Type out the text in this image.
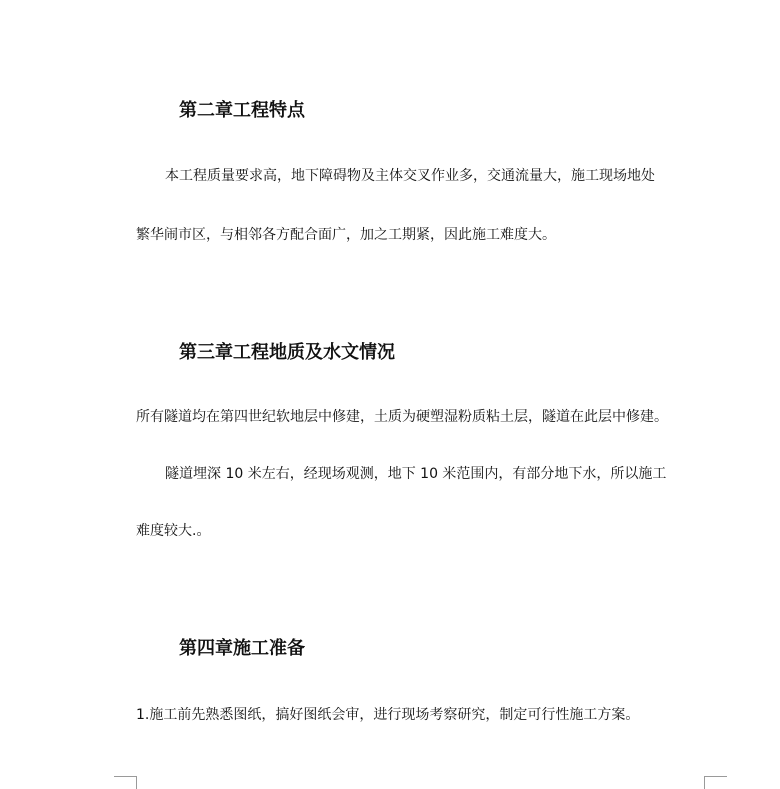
第二章工程特点
本工程质量要求高，地下障碍物及主体交叉作业多，交通流量大，施工现场地处
繁华闹市区，与相邻各方配合面广，加之工期紧，因此施工难度大。
第三章工程地质及水文情况
所有隧道均在第四世纪软地层中修建，土质为硬塑湿粉质粘土层，隧道在此层中修建。
隧道埋深 10 米左右，经现场观测，地下 10 米范围内，有部分地下水，所以施工
难度较大.。
第四章施工准备
1.施工前先熟悉图纸，搞好图纸会审，进行现场考察研究，制定可行性施工方案。
